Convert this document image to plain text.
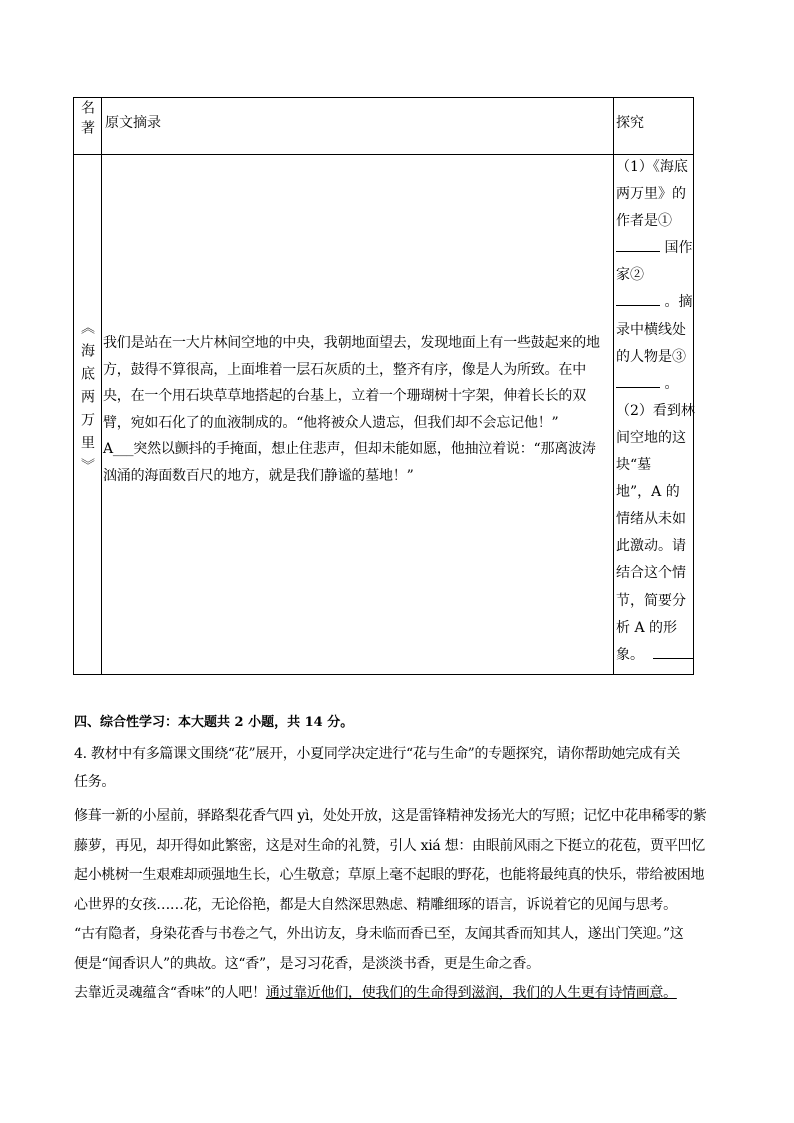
名著 原文摘录	探究
《海底两万里》 我们是站在一大片林间空地的中央，我朝地面望去，发现地面上有一些鼓起来的地
方，鼓得不算很高，上面堆着一层石灰质的土，整齐有序，像是人为所致。在中
央，在一个用石块草草地搭起的台基上，立着一个珊瑚树十字架，伸着长长的双
臂，宛如石化了的血液制成的。“他将被众人遗忘，但我们却不会忘记他！”
A___突然以颤抖的手掩面，想止住悲声，但却未能如愿，他抽泣着说：“那离波涛
汹涌的海面数百尺的地方，就是我们静谧的墓地！”
（1）《海底
两万里》的
作者是①
国作
家②
。摘
录中横线处
的人物是③
。
（2）看到林
间空地的这
块“墓
地”，A 的
情绪从未如
此激动。请
结合这个情
节，简要分
析 A 的形
象。
四、综合性学习：本大题共 2 小题，共 14 分。
4. 教材中有多篇课文围绕“花”展开，小夏同学决定进行“花与生命”的专题探究，请你帮助她完成有关
任务。
修葺一新的小屋前，驿路梨花香气四 yì，处处开放，这是雷锋精神发扬光大的写照；记忆中花串稀零的紫
藤萝，再见，却开得如此繁密，这是对生命的礼赞，引人 xiá 想：由眼前风雨之下挺立的花苞，贾平凹忆
起小桃树一生艰难却顽强地生长，心生敬意；草原上毫不起眼的野花，也能将最纯真的快乐，带给被困地
心世界的女孩……花，无论俗艳，都是大自然深思熟虑、精雕细琢的语言，诉说着它的见闻与思考。
“古有隐者，身染花香与书卷之气，外出访友，身未临而香已至，友闻其香而知其人，遂出门笑迎。”这
便是“闻香识人”的典故。这“香”，是习习花香，是淡淡书香，更是生命之香。
去靠近灵魂蕴含“香味”的人吧！通过靠近他们，使我们的生命得到滋润，我们的人生更有诗情画意。
